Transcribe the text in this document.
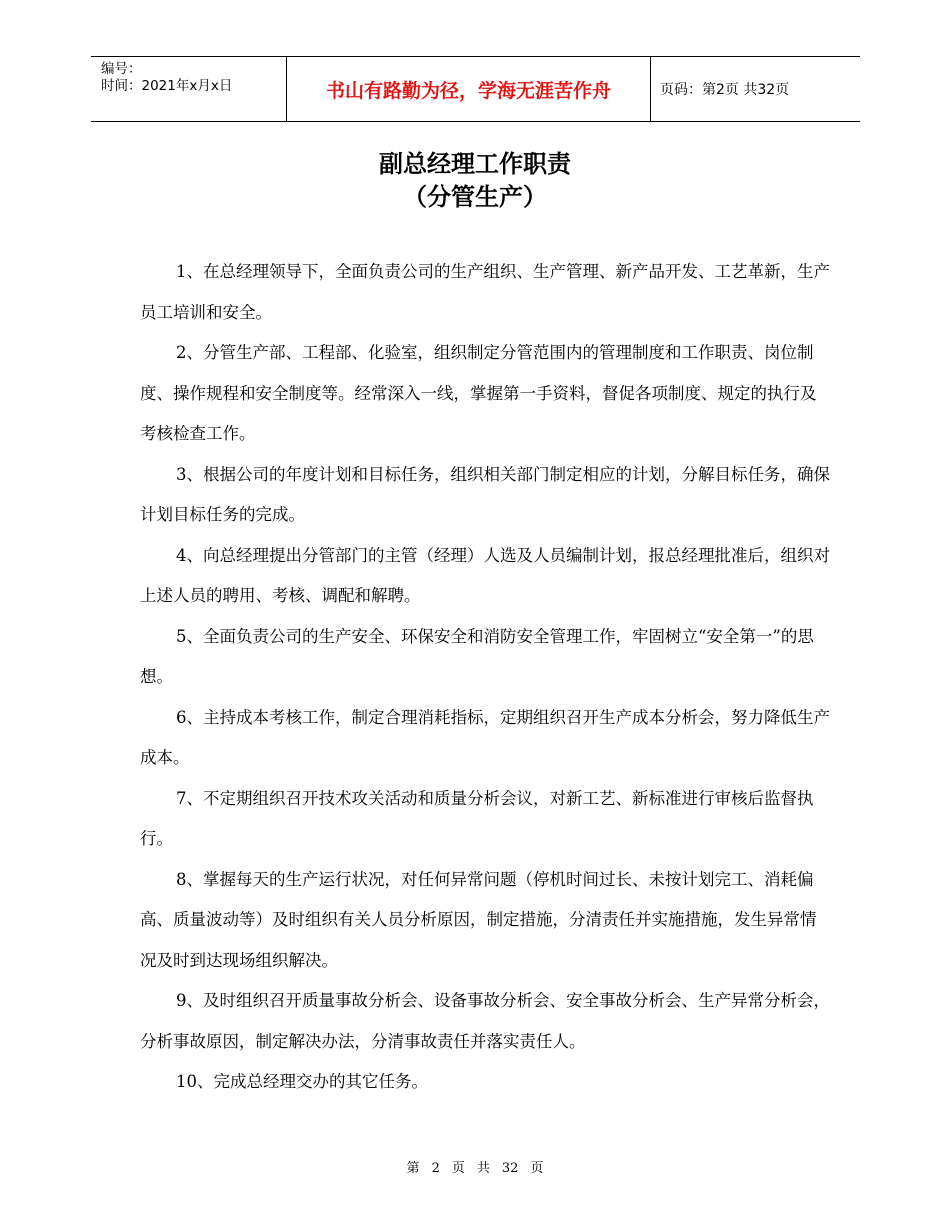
编号：
时间：2021年x月x日	书山有路勤为径，学海无涯苦作舟	页码：第2页 共32页
副总经理工作职责
（分管生产）

1、在总经理领导下，全面负责公司的生产组织、生产管理、新产品开发、工艺革新，生产员工培训和安全。

2、分管生产部、工程部、化验室，组织制定分管范围内的管理制度和工作职责、岗位制度、操作规程和安全制度等。经常深入一线，掌握第一手资料，督促各项制度、规定的执行及考核检查工作。

3、根据公司的年度计划和目标任务，组织相关部门制定相应的计划，分解目标任务，确保计划目标任务的完成。

4、向总经理提出分管部门的主管（经理）人选及人员编制计划，报总经理批准后，组织对上述人员的聘用、考核、调配和解聘。

5、全面负责公司的生产安全、环保安全和消防安全管理工作，牢固树立“安全第一”的思想。

6、主持成本考核工作，制定合理消耗指标，定期组织召开生产成本分析会，努力降低生产成本。

7、不定期组织召开技术攻关活动和质量分析会议，对新工艺、新标准进行审核后监督执行。

8、掌握每天的生产运行状况，对任何异常问题（停机时间过长、未按计划完工、消耗偏高、质量波动等）及时组织有关人员分析原因，制定措施，分清责任并实施措施，发生异常情况及时到达现场组织解决。

9、及时组织召开质量事故分析会、设备事故分析会、安全事故分析会、生产异常分析会，分析事故原因，制定解决办法，分清事故责任并落实责任人。

10、完成总经理交办的其它任务。

第 2 页 共 32 页
